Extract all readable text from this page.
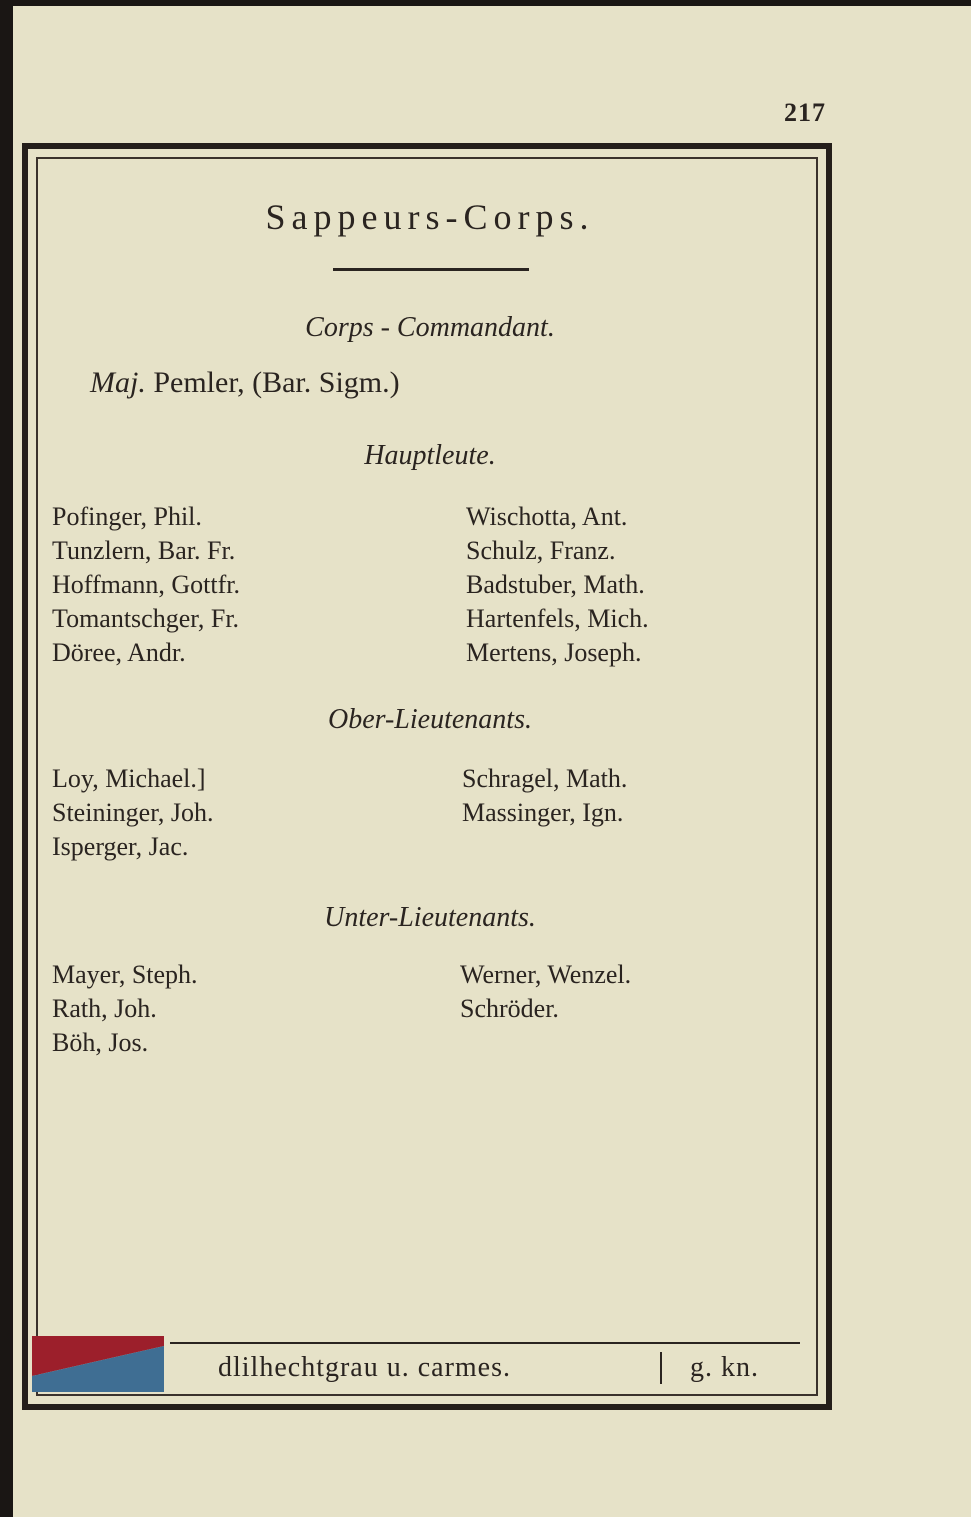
217
Sappeurs-Corps.
Corps - Commandant.
Maj. Pemler, (Bar. Sigm.)
Hauptleute.
Pofinger, Phil.
Tunzlern, Bar. Fr.
Hoffmann, Gottfr.
Tomantschger, Fr.
Döree, Andr.
Wischotta, Ant.
Schulz, Franz.
Badstuber, Math.
Hartenfels, Mich.
Mertens, Joseph.
Ober-Lieutenants.
Loy, Michael.]
Steininger, Joh.
Isperger, Jac.
Schragel, Math.
Massinger, Ign.
Unter-Lieutenants.
Mayer, Steph.
Rath, Joh.
Böh, Jos.
Werner, Wenzel.
Schröder.
dlilhechtgrau u. carmes.	g. kn.
